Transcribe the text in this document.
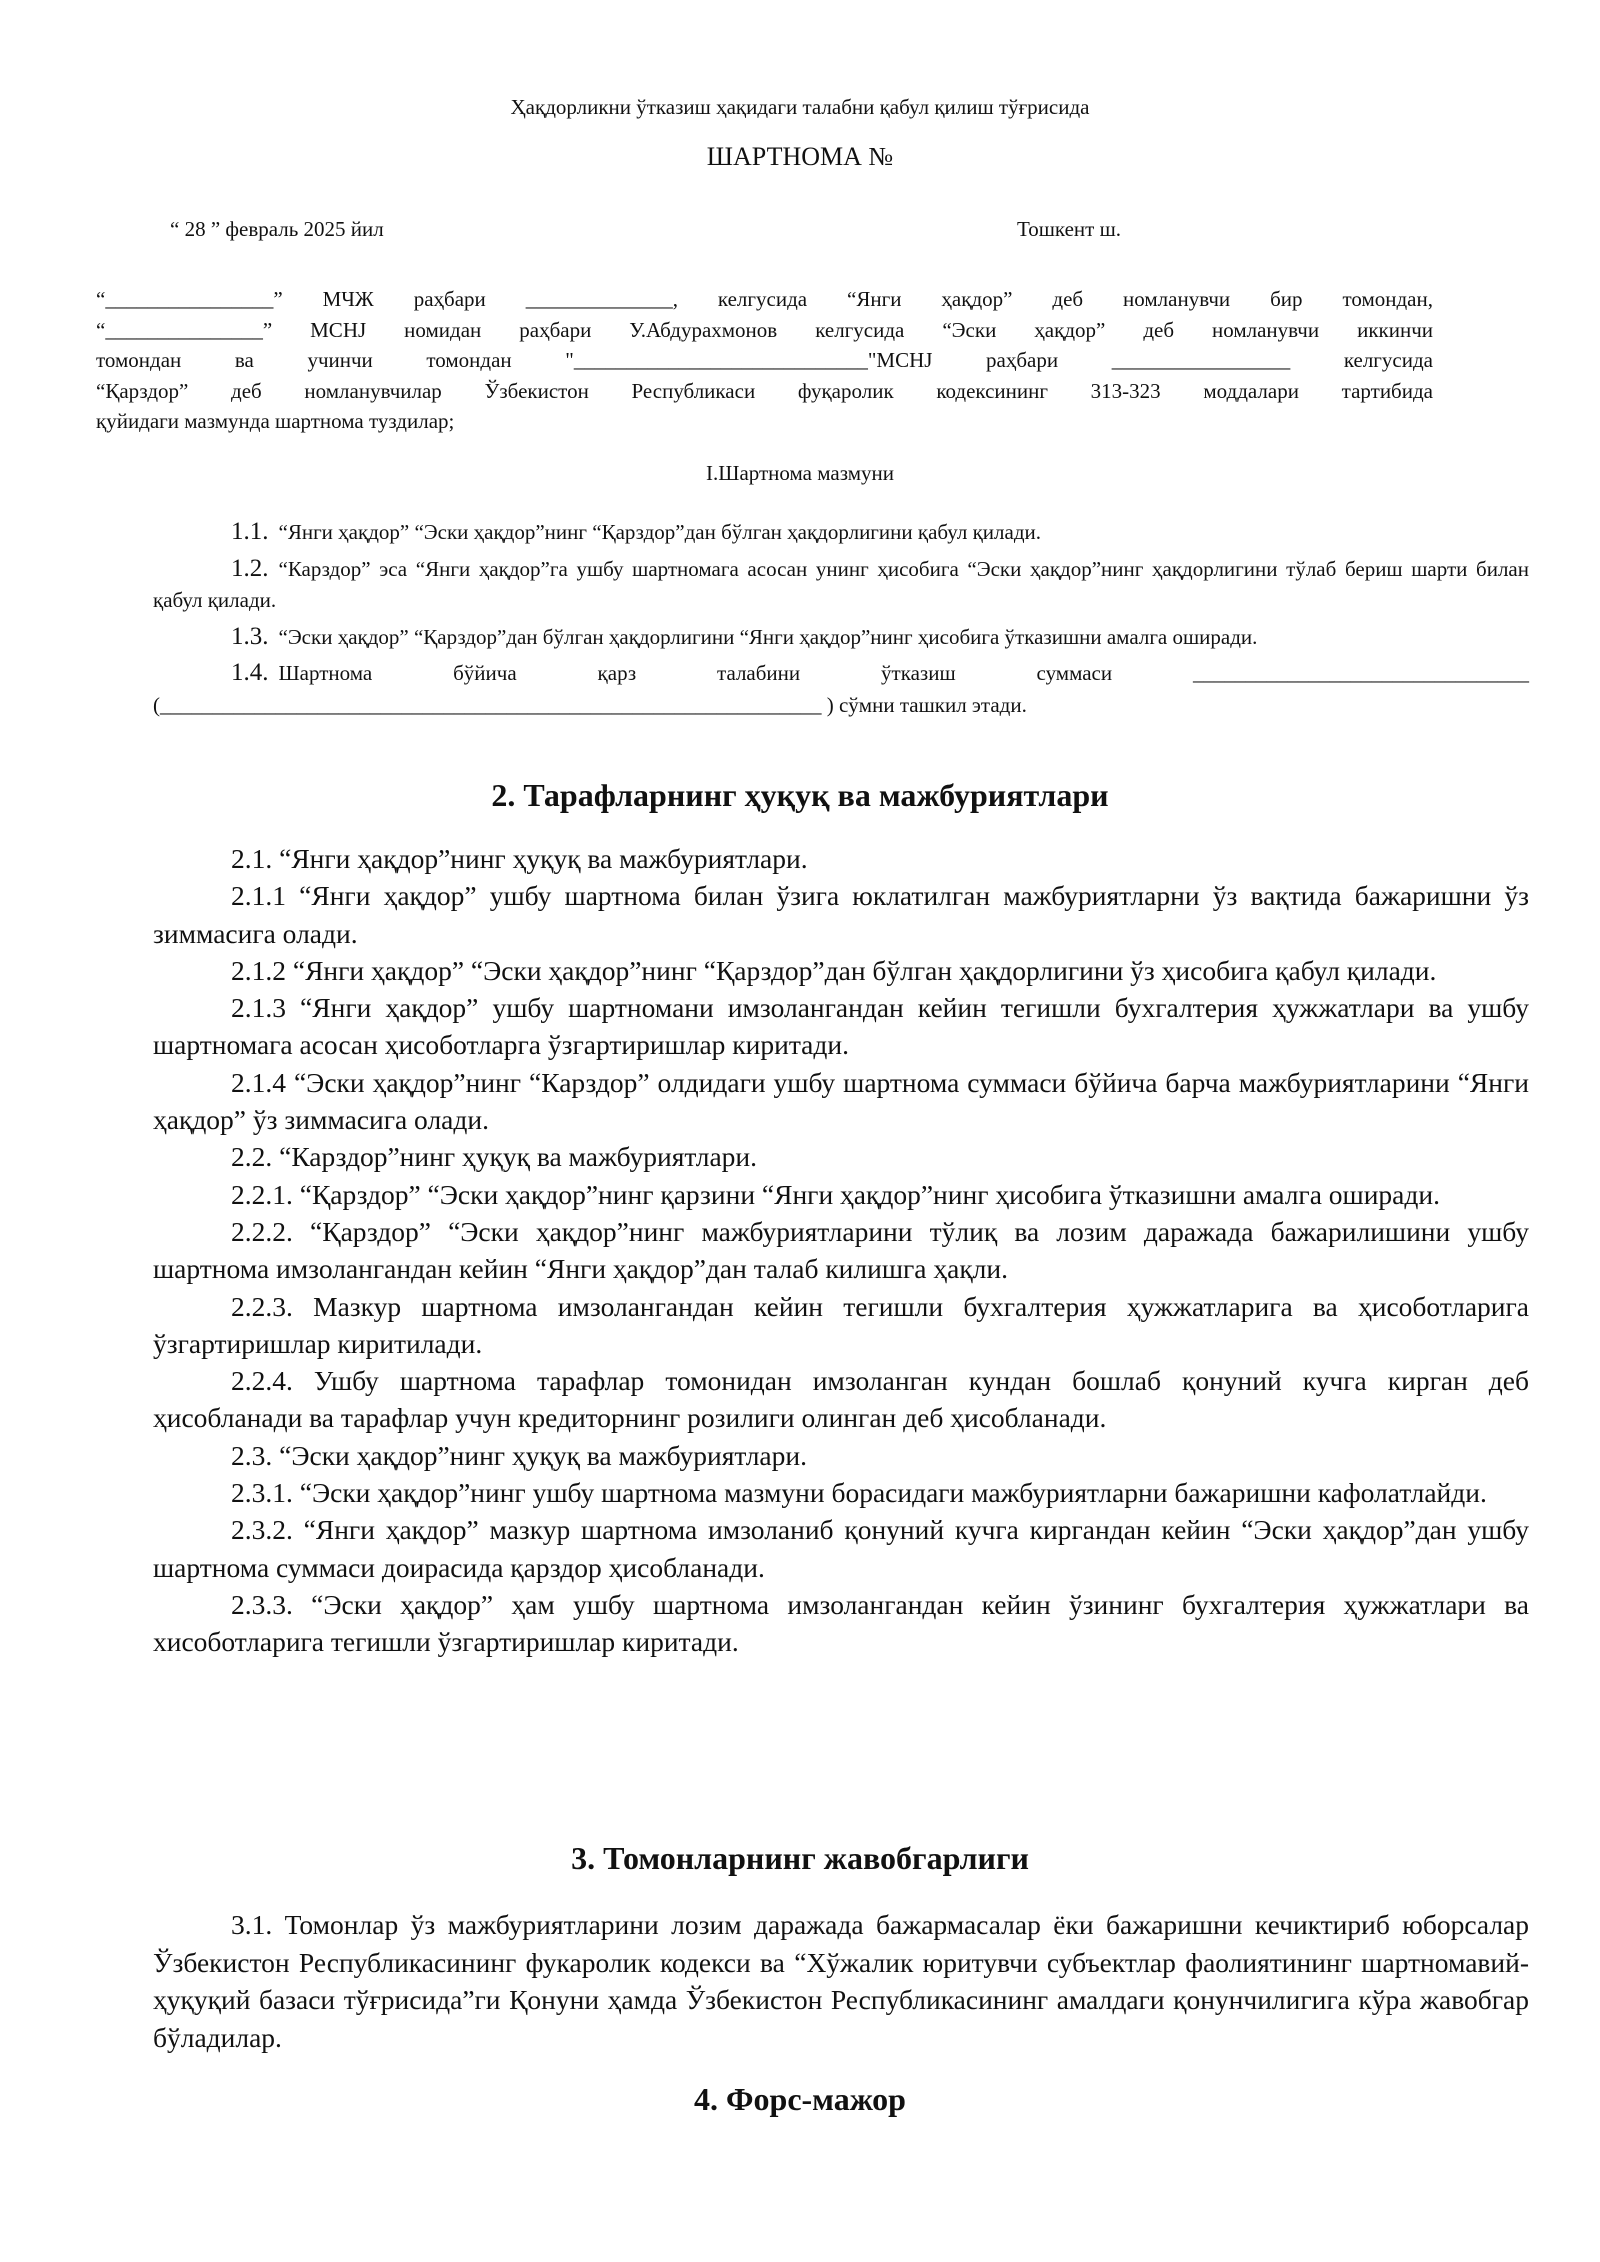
Ҳақдорликни ўтказиш ҳақидаги талабни қабул қилиш тўғрисида
ШАРТНОМА №
“ 28 ” февраль 2025 йил	Тошкент ш.

“________________” МЧЖ раҳбари ______________, келгусида “Янги ҳақдор” деб номланувчи бир томондан,

“_______________” МСНJ номидан раҳбари У.Абдурахмонов келгусида “Эски ҳақдор” деб номланувчи иккинчи

томондан ва учинчи томондан "____________________________"МСНJ раҳбари _________________ келгусида

“Қарздор” деб номланувчилар Ўзбекистон Республикаси фуқаролик кодексининг 313-323 моддалари тартибида

қуйидаги мазмунда шартнома туздилар;

I.Шартнома мазмуни
1.1. “Янги ҳақдор” “Эски ҳақдор”нинг “Қарздор”дан бўлган ҳақдорлигини қабул қилади.
1.2. “Карздор” эса “Янги ҳақдор”га ушбу шартномага асосан унинг ҳисобига “Эски ҳақдор”нинг ҳақдорлигини тўлаб бериш шарти билан қабул қилади.
1.3. “Эски ҳақдор” “Қарздор”дан бўлган ҳақдорлигини “Янги ҳақдор”нинг ҳисобига ўтказишни амалга оширади.
1.4. Шартнома бўйича қарз талабини ўтказиш суммаси ________________________________
(_______________________________________________________________ ) сўмни ташкил этади.
2. Тарафларнинг ҳуқуқ ва мажбуриятлари

2.1. “Янги ҳақдор”нинг ҳуқуқ ва мажбуриятлари.

2.1.1 “Янги ҳақдор” ушбу шартнома билан ўзига юклатилган мажбуриятларни ўз вақтида бажаришни ўз зиммасига олади.

2.1.2 “Янги ҳақдор” “Эски ҳақдор”нинг “Қарздор”дан бўлган ҳақдорлигини ўз ҳисобига қабул қилади.

2.1.3 “Янги ҳақдор” ушбу шартномани имзолангандан кейин тегишли бухгалтерия ҳужжатлари ва ушбу шартномага асосан ҳисоботларга ўзгартиришлар киритади.

2.1.4 “Эски ҳақдор”нинг “Карздор” олдидаги ушбу шартнома суммаси бўйича барча мажбуриятларини “Янги ҳақдор” ўз зиммасига олади.

2.2. “Карздор”нинг ҳуқуқ ва мажбуриятлари.

2.2.1. “Қарздор” “Эски ҳақдор”нинг қарзини “Янги ҳақдор”нинг ҳисобига ўтказишни амалга оширади.

2.2.2. “Қарздор” “Эски ҳақдор”нинг мажбуриятларини тўлиқ ва лозим даражада бажарилишини ушбу шартнома имзолангандан кейин “Янги ҳақдор”дан талаб килишга ҳақли.

2.2.3. Мазкур шартнома имзолангандан кейин тегишли бухгалтерия ҳужжатларига ва ҳисоботларига ўзгартиришлар киритилади.

2.2.4. Ушбу шартнома тарафлар томонидан имзоланган кундан бошлаб қонуний кучга кирган деб ҳисобланади ва тарафлар учун кредиторнинг розилиги олинган деб ҳисобланади.

2.3. “Эски ҳақдор”нинг ҳуқуқ ва мажбуриятлари.

2.3.1. “Эски ҳақдор”нинг ушбу шартнома мазмуни борасидаги мажбуриятларни бажаришни кафолатлайди.

2.3.2. “Янги ҳақдор” мазкур шартнома имзоланиб қонуний кучга киргандан кейин “Эски ҳақдор”дан ушбу шартнома суммаси доирасида қарздор ҳисобланади.

2.3.3. “Эски ҳақдор” ҳам ушбу шартнома имзолангандан кейин ўзининг бухгалтерия ҳужжатлари ва хисоботларига тегишли ўзгартиришлар киритади.

3. Томонларнинг жавобгарлиги

3.1. Томонлар ўз мажбуриятларини лозим даражада бажармасалар ёки бажаришни кечиктириб юборсалар Ўзбекистон Республикасининг фукаролик кодекси ва “Хўжалик юритувчи субъектлар фаолиятининг шартномавий-ҳуқуқий базаси тўғрисида”ги Қонуни ҳамда Ўзбекистон Республикасининг амалдаги қонунчилигига кўра жавобгар бўладилар.

4. Форс-мажор
